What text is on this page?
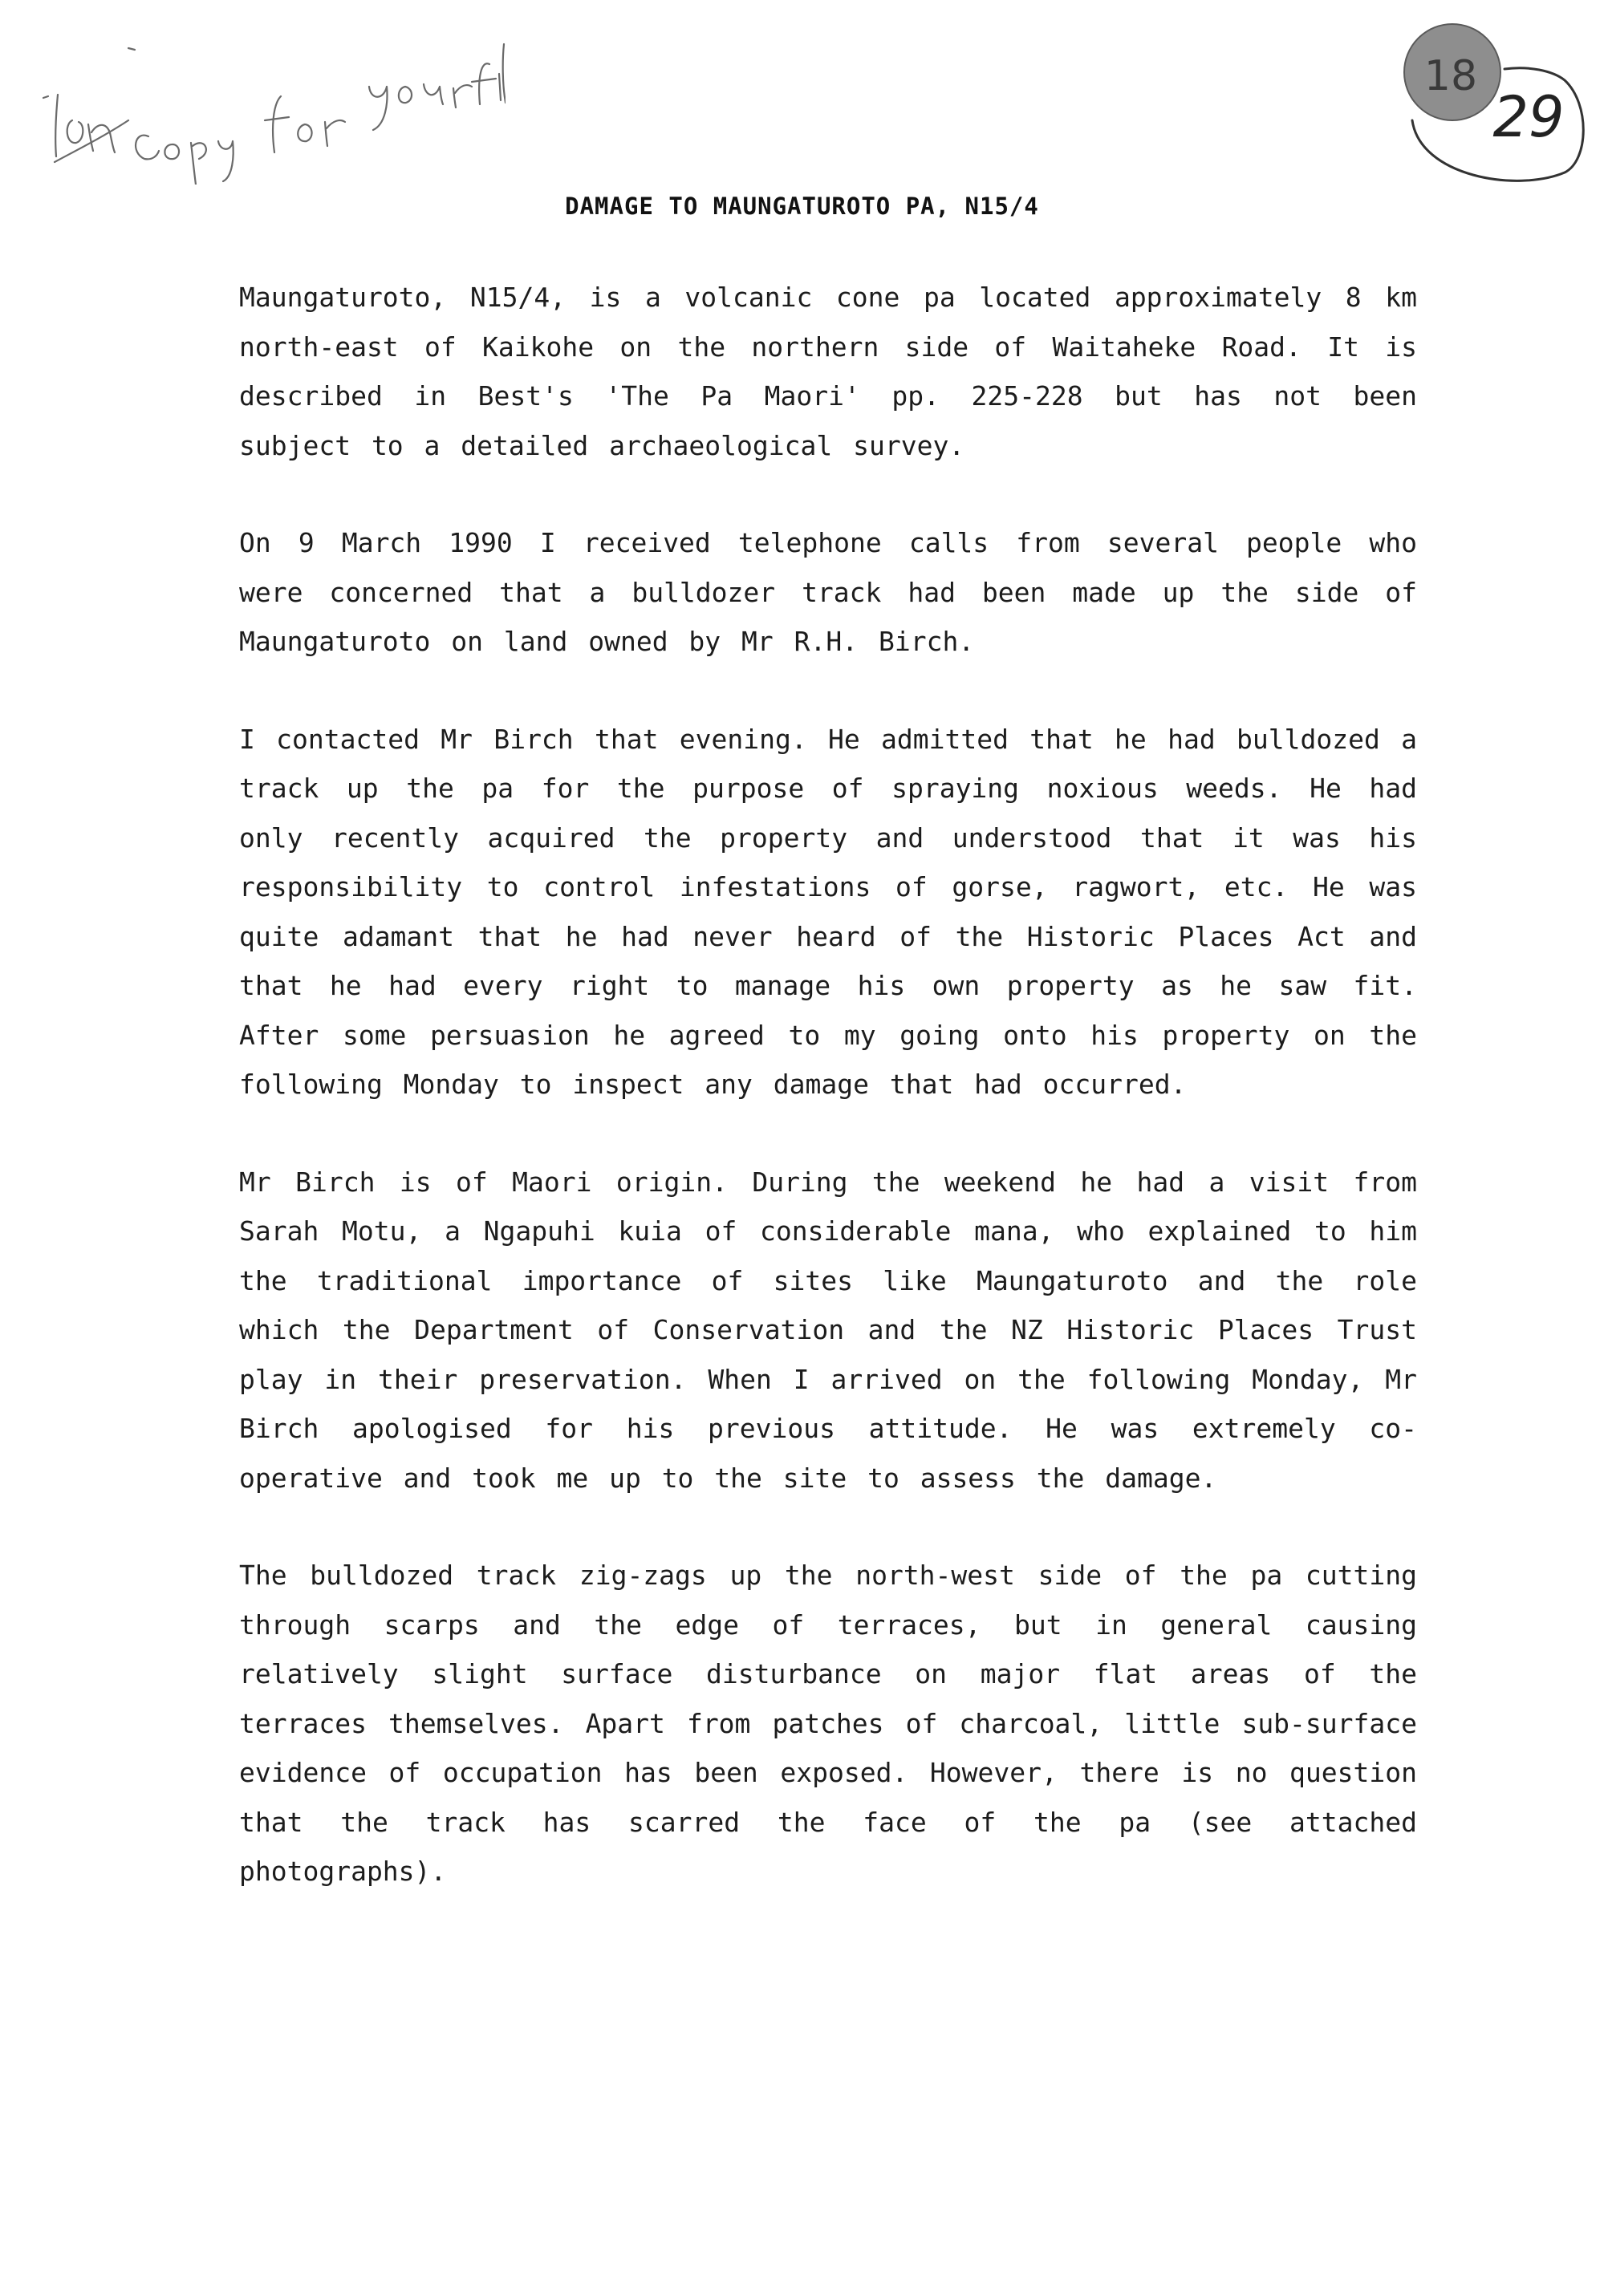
18
29
DAMAGE TO MAUNGATUROTO PA, N15/4

Maungaturoto, N15/4, is a volcanic cone pa located approximately 8 km north-east of Kaikohe on the northern side of Waitaheke Road. It is described in Best's 'The Pa Maori' pp. 225-228 but has not been subject to a detailed archaeological survey.

On 9 March 1990 I received telephone calls from several people who were concerned that a bulldozer track had been made up the side of Maungaturoto on land owned by Mr R.H. Birch.

I contacted Mr Birch that evening. He admitted that he had bulldozed a track up the pa for the purpose of spraying noxious weeds. He had only recently acquired the property and understood that it was his responsibility to control infestations of gorse, ragwort, etc. He was quite adamant that he had never heard of the Historic Places Act and that he had every right to manage his own property as he saw fit. After some persuasion he agreed to my going onto his property on the following Monday to inspect any damage that had occurred.

Mr Birch is of Maori origin. During the weekend he had a visit from Sarah Motu, a Ngapuhi kuia of considerable mana, who explained to him the traditional importance of sites like Maungaturoto and the role which the Department of Conservation and the NZ Historic Places Trust play in their preservation. When I arrived on the following Monday, Mr Birch apologised for his previous attitude. He was extremely co-operative and took me up to the site to assess the damage.

The bulldozed track zig-zags up the north-west side of the pa cutting through scarps and the edge of terraces, but in general causing relatively slight surface disturbance on major flat areas of the terraces themselves. Apart from patches of charcoal, little sub-surface evidence of occupation has been exposed. However, there is no question that the track has scarred the face of the pa (see attached photographs).
